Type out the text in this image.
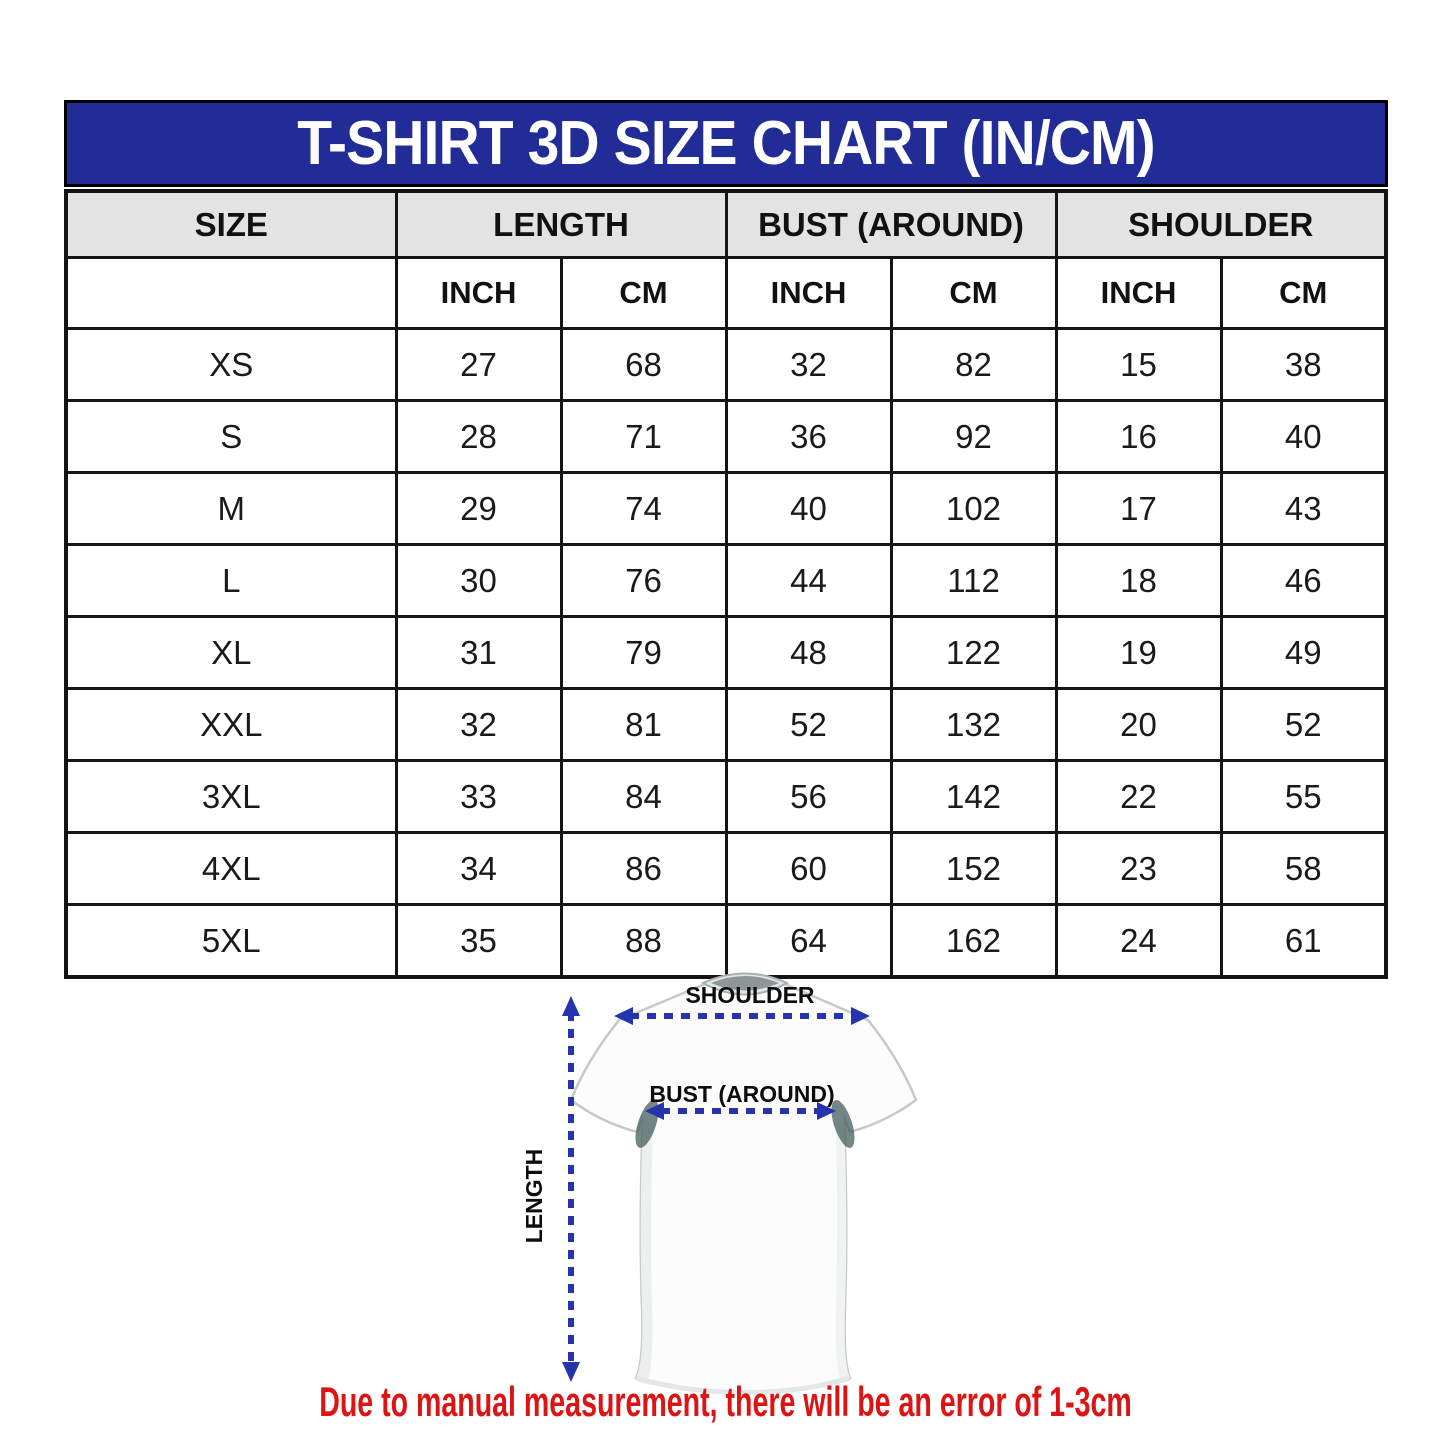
T-SHIRT 3D SIZE CHART (IN/CM)
SIZE	LENGTH		BUST (AROUND)		SHOULDER	
	INCH	CM	INCH	CM	INCH	CM
XS	27	68	32	82	15	38
S	28	71	36	92	16	40
M	29	74	40	102	17	43
L	30	76	44	112	18	46
XL	31	79	48	122	19	49
XXL	32	81	52	132	20	52
3XL	33	84	56	142	22	55
4XL	34	86	60	152	23	58
5XL	35	88	64	162	24	61
SHOULDER
BUST (AROUND)
LENGTH
Due to manual measurement, there will be an error of 1-3cm
